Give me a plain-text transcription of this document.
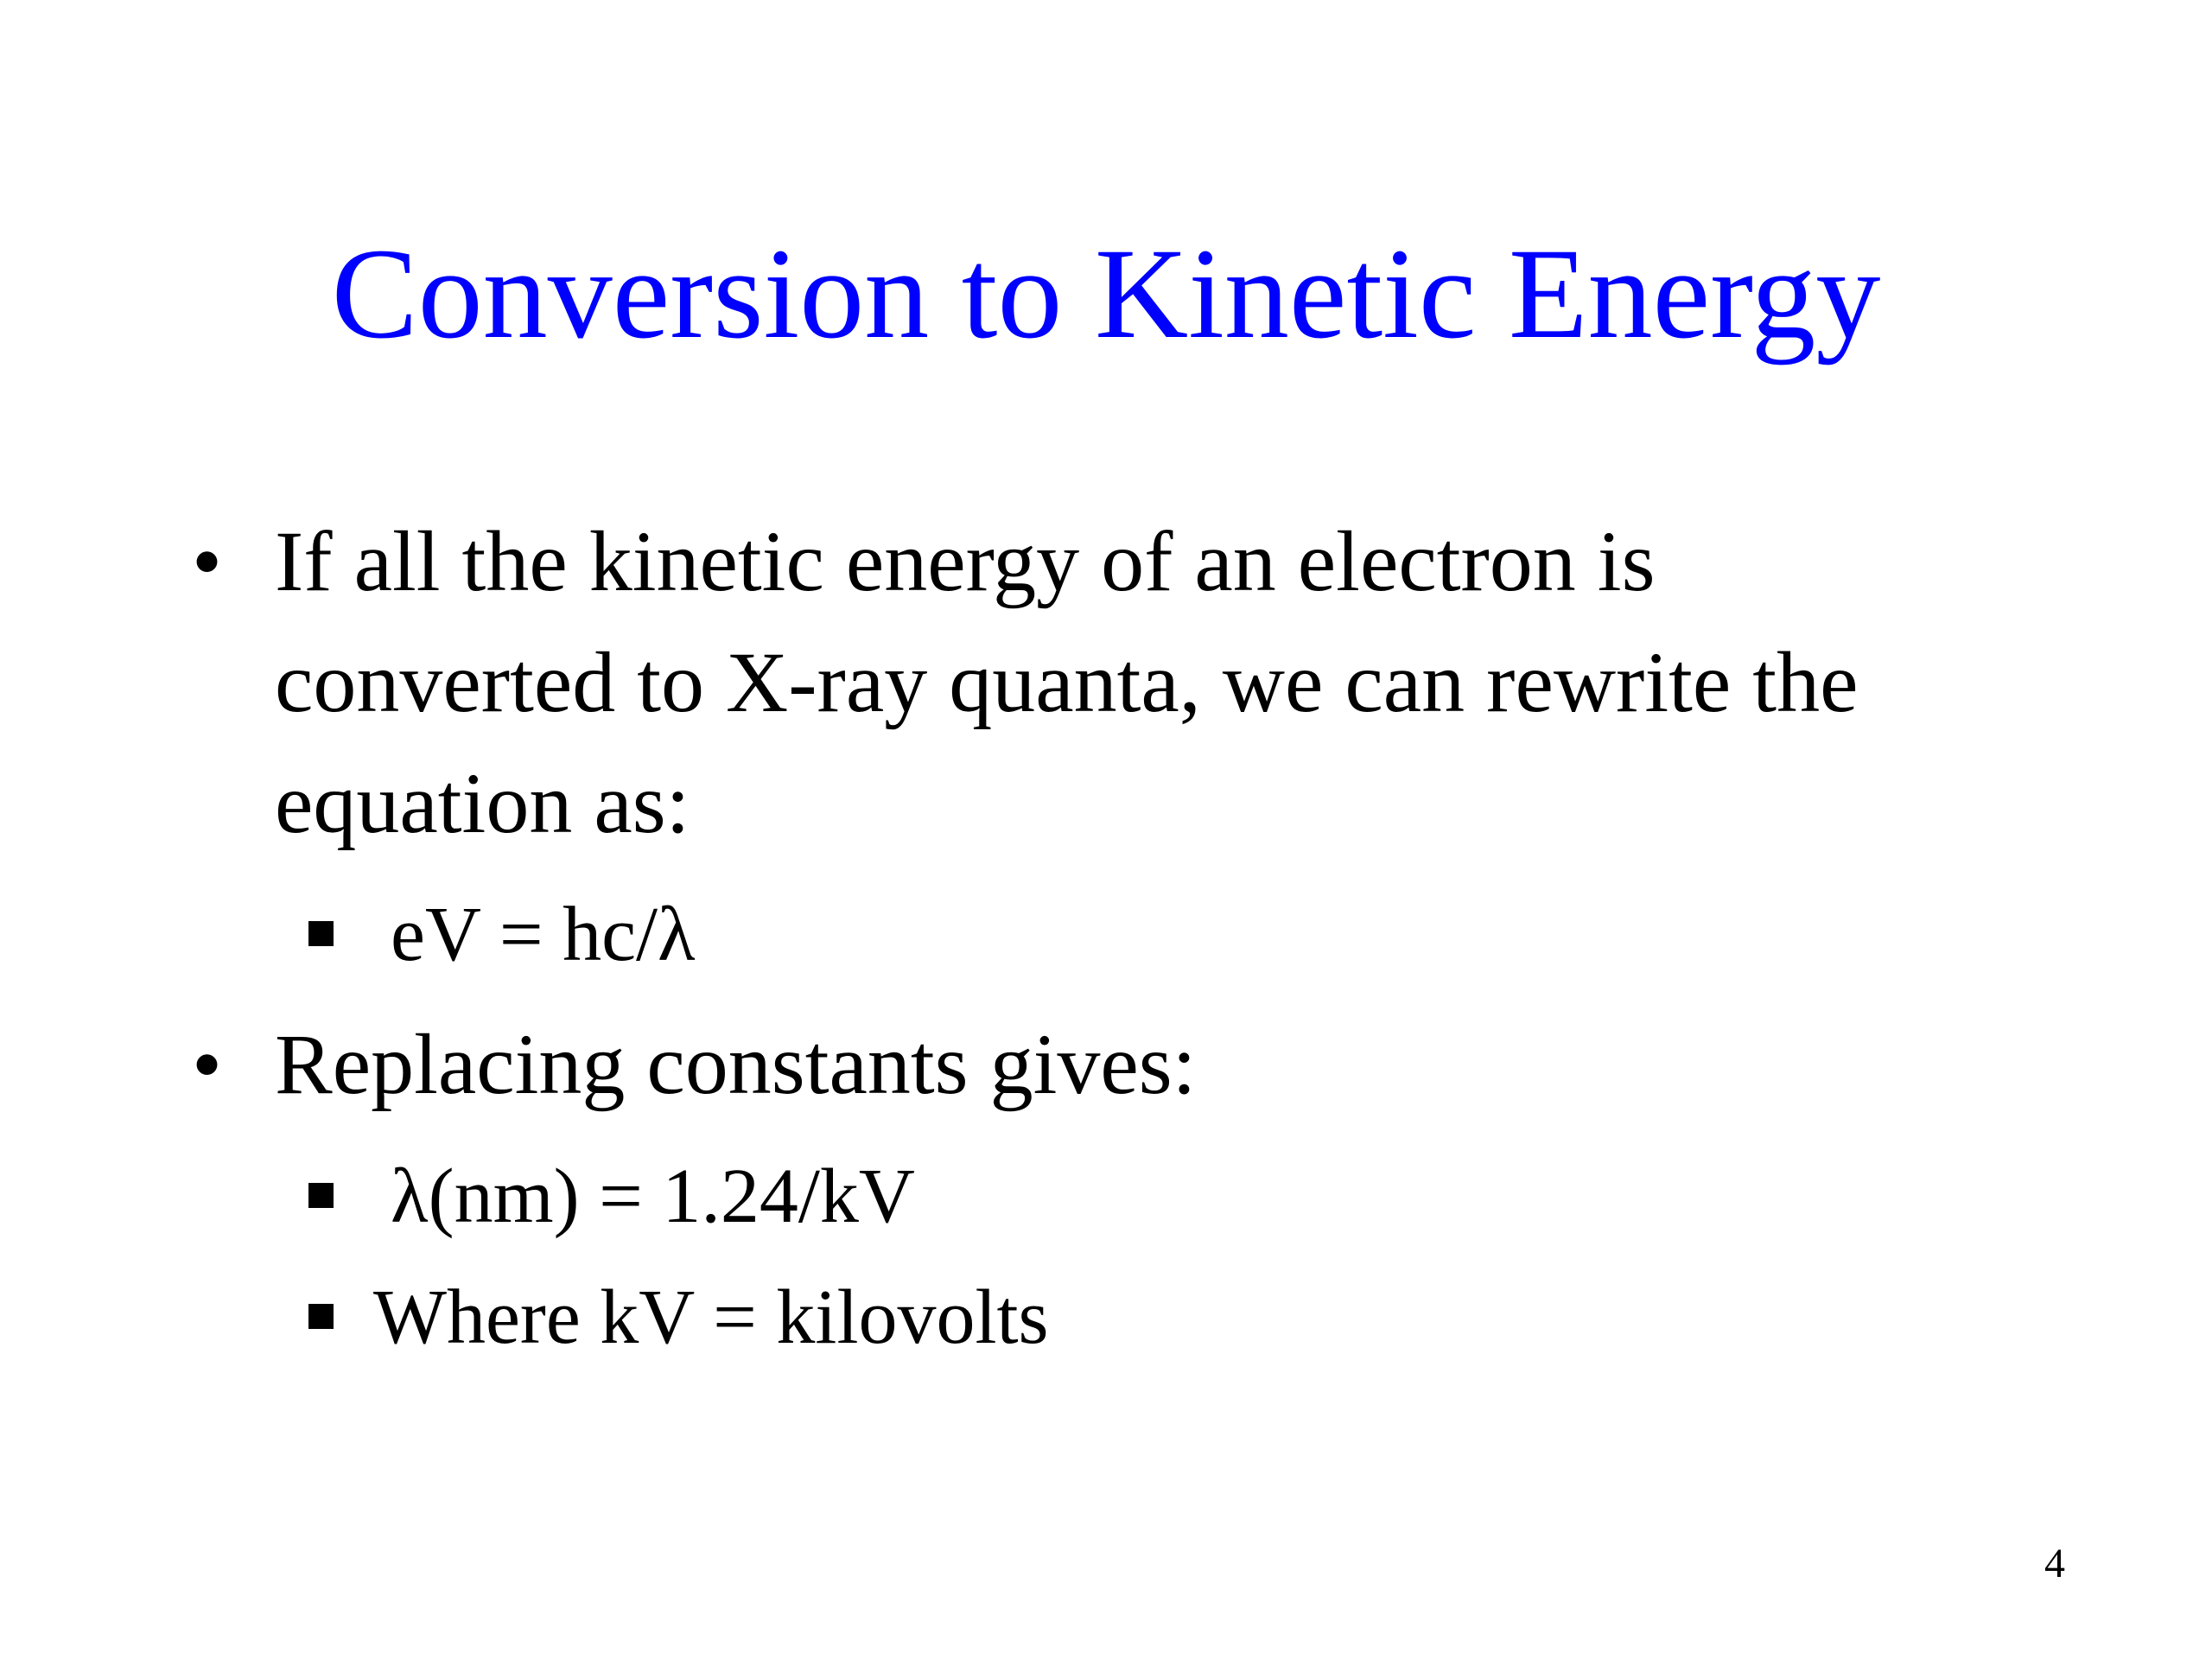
Conversion to Kinetic Energy
• If all the kinetic energy of an electron is converted to X-ray quanta, we can rewrite the equation as:
eV = hc/λ
• Replacing constants gives:
λ(nm) = 1.24/kV
Where kV = kilovolts
4
